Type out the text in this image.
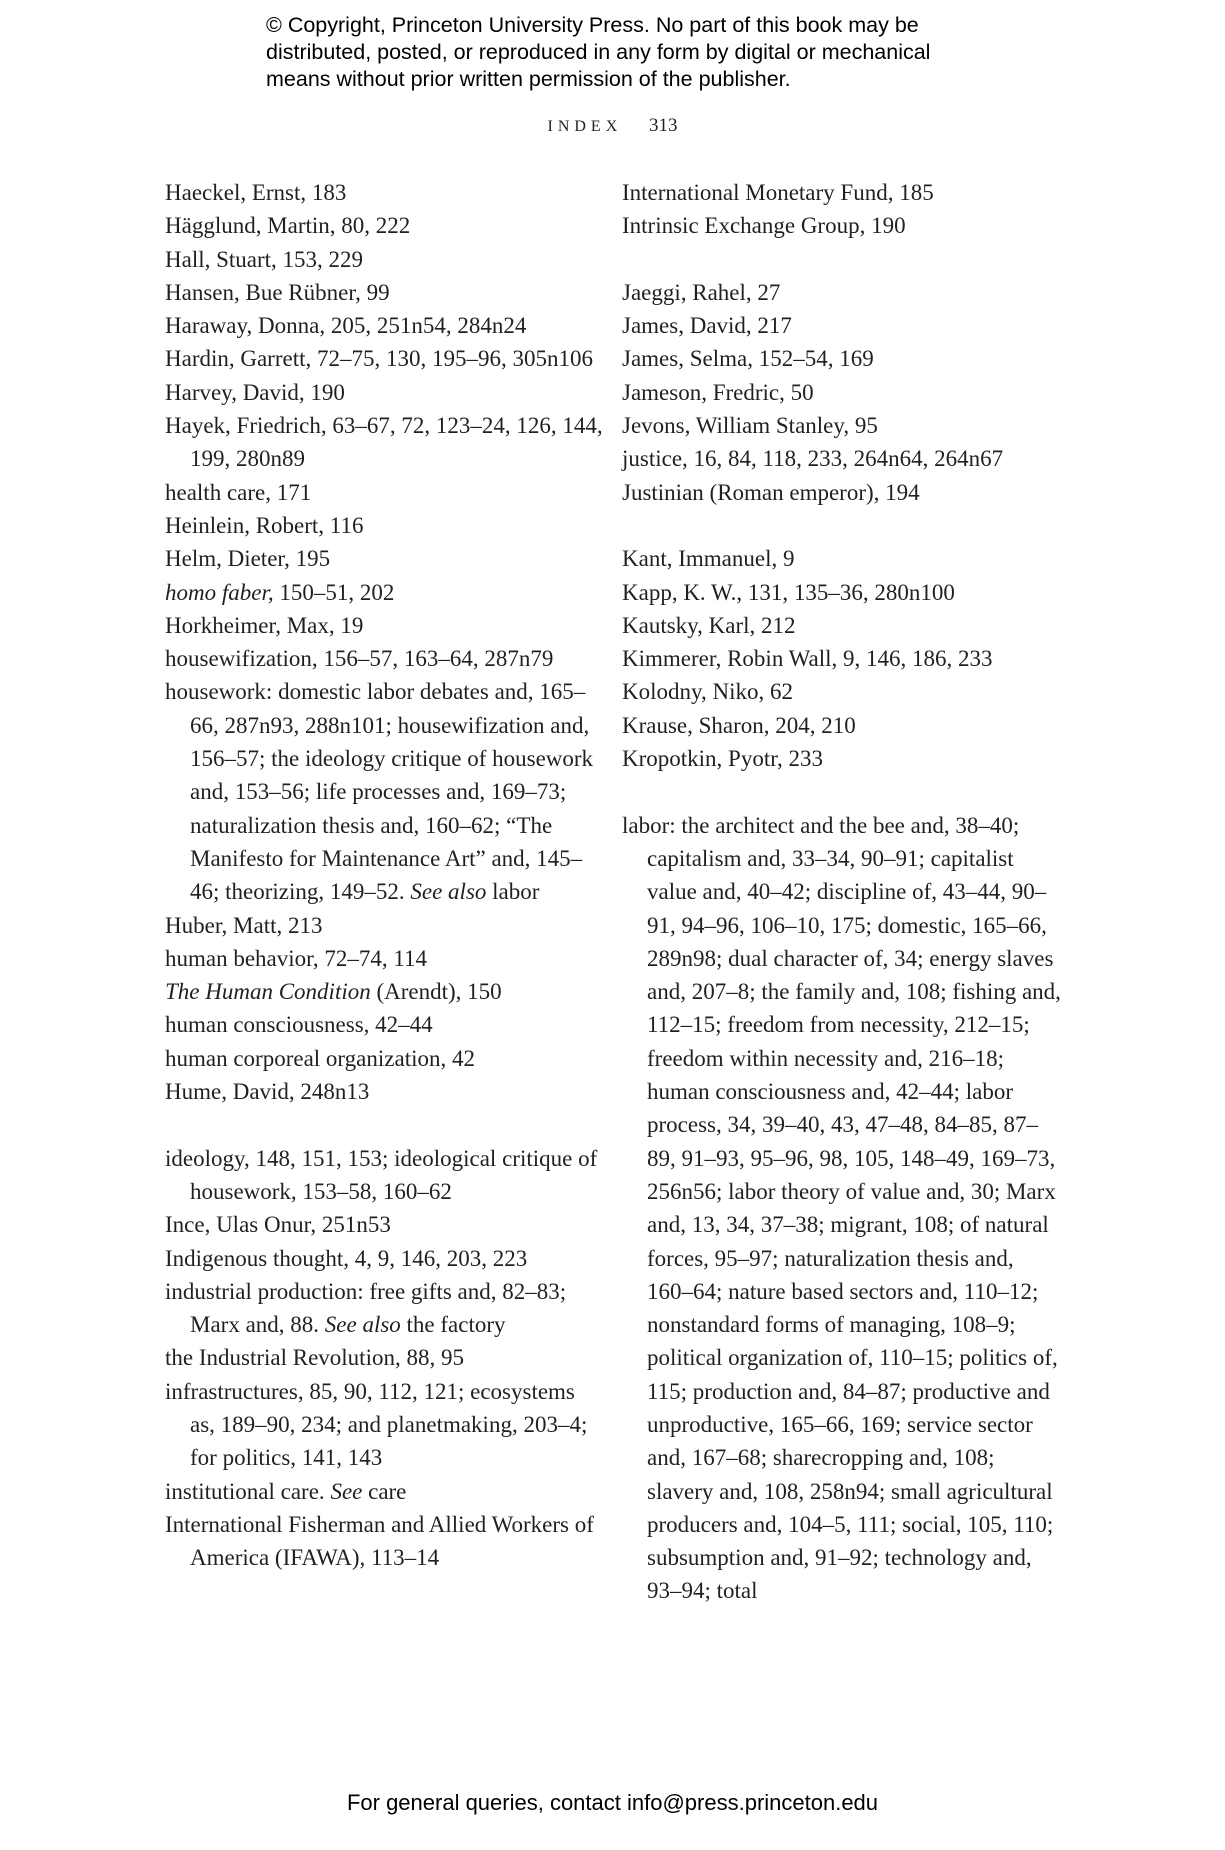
© Copyright, Princeton University Press. No part of this book may be
distributed, posted, or reproduced in any form by digital or mechanical
means without prior written permission of the publisher.
INDEX 313

Haeckel, Ernst, 183

Hägglund, Martin, 80, 222

Hall, Stuart, 153, 229

Hansen, Bue Rübner, 99

Haraway, Donna, 205, 251n54, 284n24

Hardin, Garrett, 72–75, 130, 195–96, 305n106

Harvey, David, 190

Hayek, Friedrich, 63–67, 72, 123–24, 126, 144, 199, 280n89

health care, 171

Heinlein, Robert, 116

Helm, Dieter, 195

homo faber, 150–51, 202

Horkheimer, Max, 19

housewifization, 156–57, 163–64, 287n79

housework: domestic labor debates and, 165–66, 287n93, 288n101; housewifization and, 156–57; the ideology critique of housework and, 153–56; life processes and, 169–73; naturalization thesis and, 160–62; “The Manifesto for Maintenance Art” and, 145–46; theorizing, 149–52. See also labor

Huber, Matt, 213

human behavior, 72–74, 114

The Human Condition (Arendt), 150

human consciousness, 42–44

human corporeal organization, 42

Hume, David, 248n13

ideology, 148, 151, 153; ideological critique of housework, 153–58, 160–62

Ince, Ulas Onur, 251n53

Indigenous thought, 4, 9, 146, 203, 223

industrial production: free gifts and, 82–83; Marx and, 88. See also the factory

the Industrial Revolution, 88, 95

infrastructures, 85, 90, 112, 121; ecosystems as, 189–90, 234; and planetmaking, 203–4; for politics, 141, 143

institutional care. See care

International Fisherman and Allied Workers of America (IFAWA), 113–14

International Monetary Fund, 185

Intrinsic Exchange Group, 190

Jaeggi, Rahel, 27

James, David, 217

James, Selma, 152–54, 169

Jameson, Fredric, 50

Jevons, William Stanley, 95

justice, 16, 84, 118, 233, 264n64, 264n67

Justinian (Roman emperor), 194

Kant, Immanuel, 9

Kapp, K. W., 131, 135–36, 280n100

Kautsky, Karl, 212

Kimmerer, Robin Wall, 9, 146, 186, 233

Kolodny, Niko, 62

Krause, Sharon, 204, 210

Kropotkin, Pyotr, 233

labor: the architect and the bee and, 38–40; capitalism and, 33–34, 90–91; capitalist value and, 40–42; discipline of, 43–44, 90–91, 94–96, 106–10, 175; domestic, 165–66, 289n98; dual character of, 34; energy slaves and, 207–8; the family and, 108; fishing and, 112–15; freedom from necessity, 212–15; freedom within necessity and, 216–18; human consciousness and, 42–44; labor process, 34, 39–40, 43, 47–48, 84–85, 87–89, 91–93, 95–96, 98, 105, 148–49, 169–73, 256n56; labor theory of value and, 30; Marx and, 13, 34, 37–38; migrant, 108; of natural forces, 95–97; naturalization thesis and, 160–64; nature based sectors and, 110–12; nonstandard forms of managing, 108–9; political organization of, 110–15; politics of, 115; production and, 84–87; productive and unproductive, 165–66, 169; service sector and, 167–68; sharecropping and, 108; slavery and, 108, 258n94; small agricultural producers and, 104–5, 111; social, 105, 110; subsumption and, 91–92; technology and, 93–94; total

For general queries, contact info@press.princeton.edu
